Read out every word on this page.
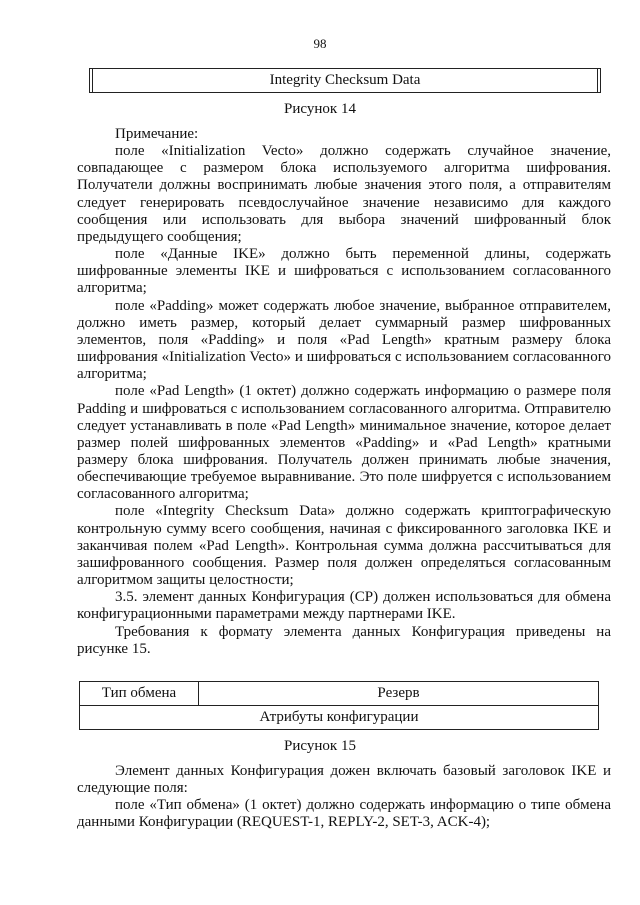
98
Integrity Checksum Data
Рисунок 14

Примечание:

поле «Initialization Vecto» должно содержать случайное значение, совпадающее с размером блока используемого алгоритма шифрования. Получатели должны воспринимать любые значения этого поля, а отправителям следует генерировать псевдослучайное значение независимо для каждого сообщения или использовать для выбора значений шифрованный блок предыдущего сообщения;

поле «Данные IKE» должно быть переменной длины, содержать шифрованные элементы IKE и шифроваться с использованием согласованного алгоритма;

поле «Padding» может содержать любое значение, выбранное отправителем, должно иметь размер, который делает суммарный размер шифрованных элементов, поля «Padding» и поля «Pad Length» кратным размеру блока шифрования «Initialization Vecto» и шифроваться с использованием согласованного алгоритма;

поле «Pad Length» (1 октет) должно содержать информацию о размере поля Padding и шифроваться с использованием согласованного алгоритма. Отправителю следует устанавливать в поле «Pad Length» минимальное значение, которое делает размер полей шифрованных элементов «Padding» и «Pad Length» кратными размеру блока шифрования. Получатель должен принимать любые значения, обеспечивающие требуемое выравнивание. Это поле шифруется с использованием согласованного алгоритма;

поле «Integrity Checksum Data» должно содержать криптографическую контрольную сумму всего сообщения, начиная с фиксированного заголовка IKE и заканчивая полем «Pad Length». Контрольная сумма должна рассчитываться для зашифрованного сообщения. Размер поля должен определяться согласованным алгоритмом защиты целостности;

3.5. элемент данных Конфигурация (CP) должен использоваться для обмена конфигурационными параметрами между партнерами IKE.

Требования к формату элемента данных Конфигурация приведены на рисунке 15.

Тип обмена	Резерв
Атрибуты конфигурации
Рисунок 15

Элемент данных Конфигурация дожен включать базовый заголовок IKE и следующие поля:

поле «Тип обмена» (1 октет) должно содержать информацию о типе обмена данными Конфигурации (REQUEST-1, REPLY-2, SET-3, ACK-4);
